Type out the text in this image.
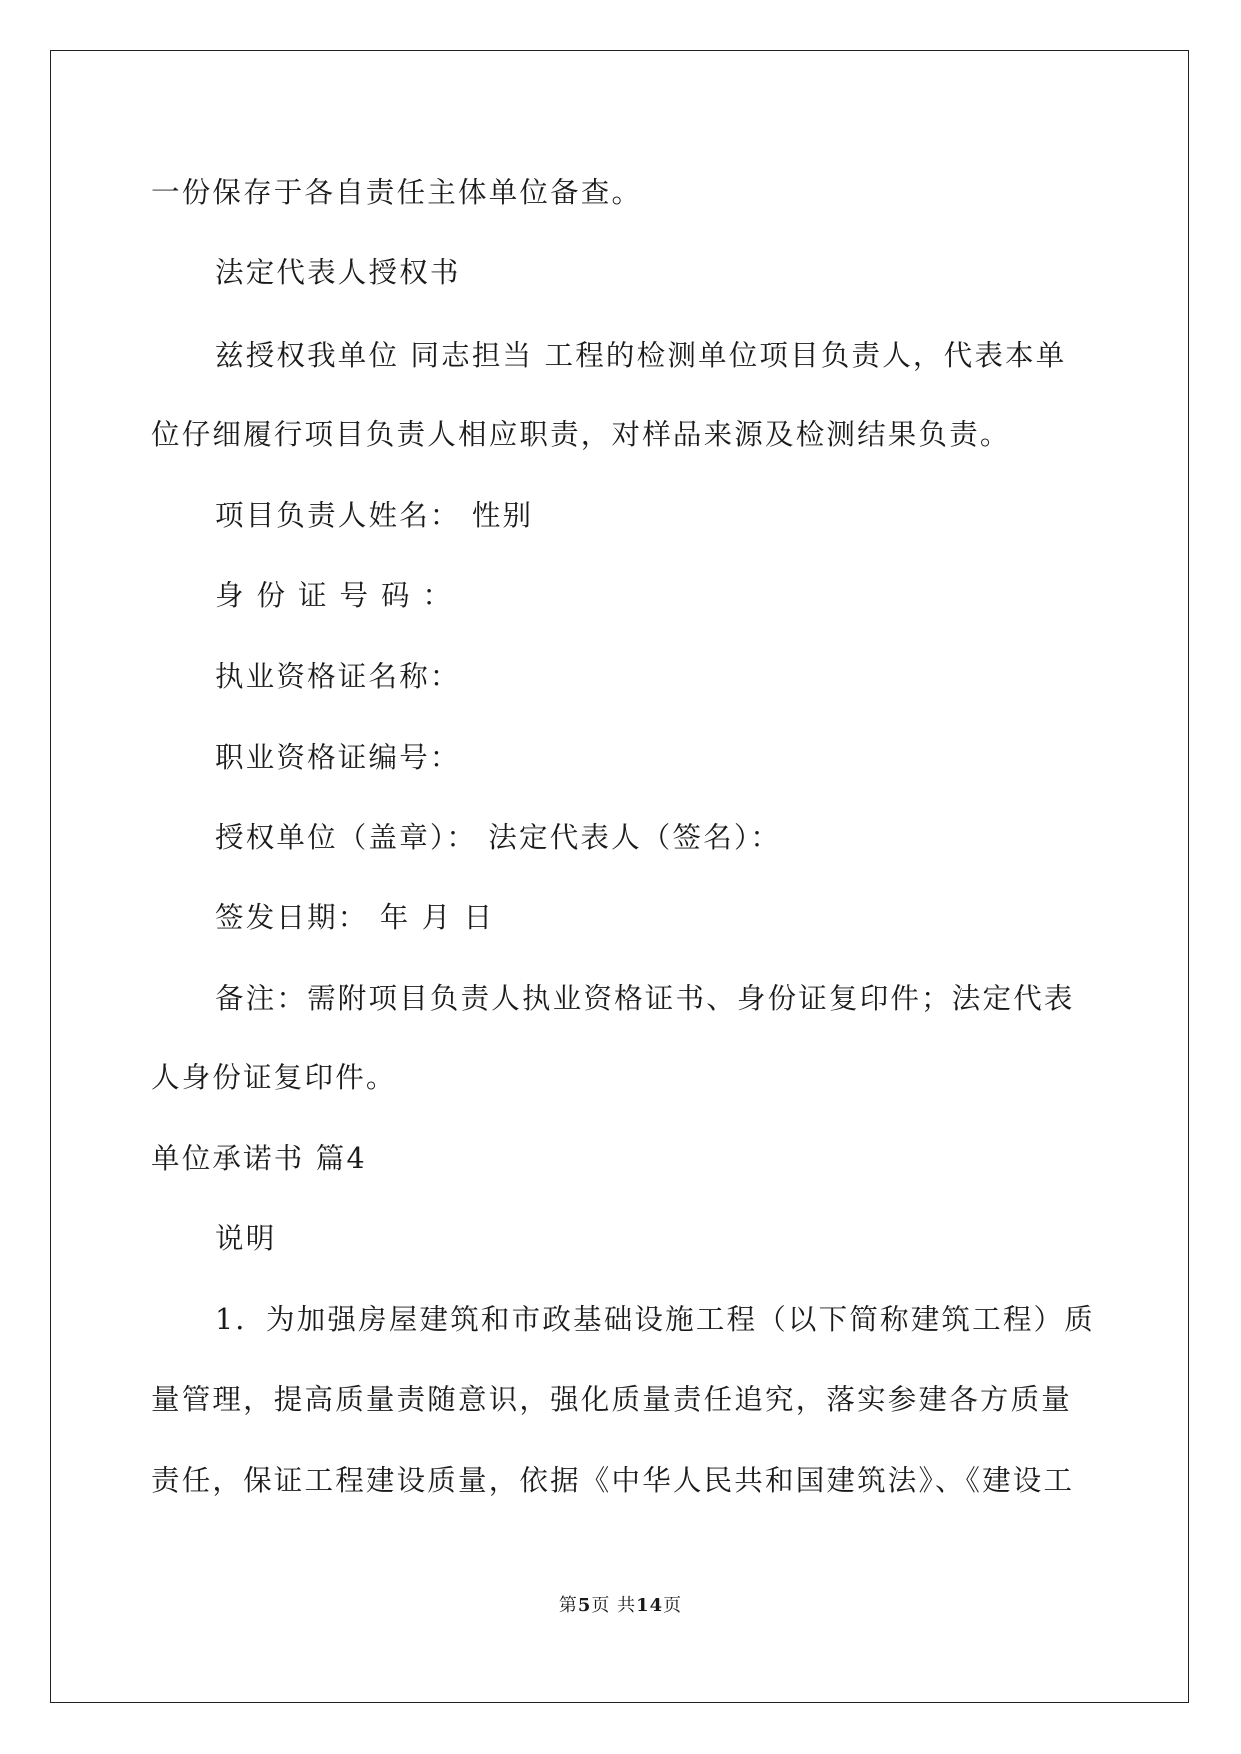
一份保存于各自责任主体单位备查。
法定代表人授权书
兹授权我单位 同志担当 工程的检测单位项目负责人，代表本单
位仔细履行项目负责人相应职责，对样品来源及检测结果负责。
项目负责人姓名： 性别
身份证号码：
执业资格证名称：
职业资格证编号：
授权单位（盖章）： 法定代表人（签名）：
签发日期： 年 月 日
备注：需附项目负责人执业资格证书、身份证复印件；法定代表
人身份证复印件。
单位承诺书 篇4
说明
1．为加强房屋建筑和市政基础设施工程（以下简称建筑工程）质
量管理，提高质量责随意识，强化质量责任追究，落实参建各方质量
责任，保证工程建设质量，依据《中华人民共和国建筑法》、《建设工
第5页 共14页
